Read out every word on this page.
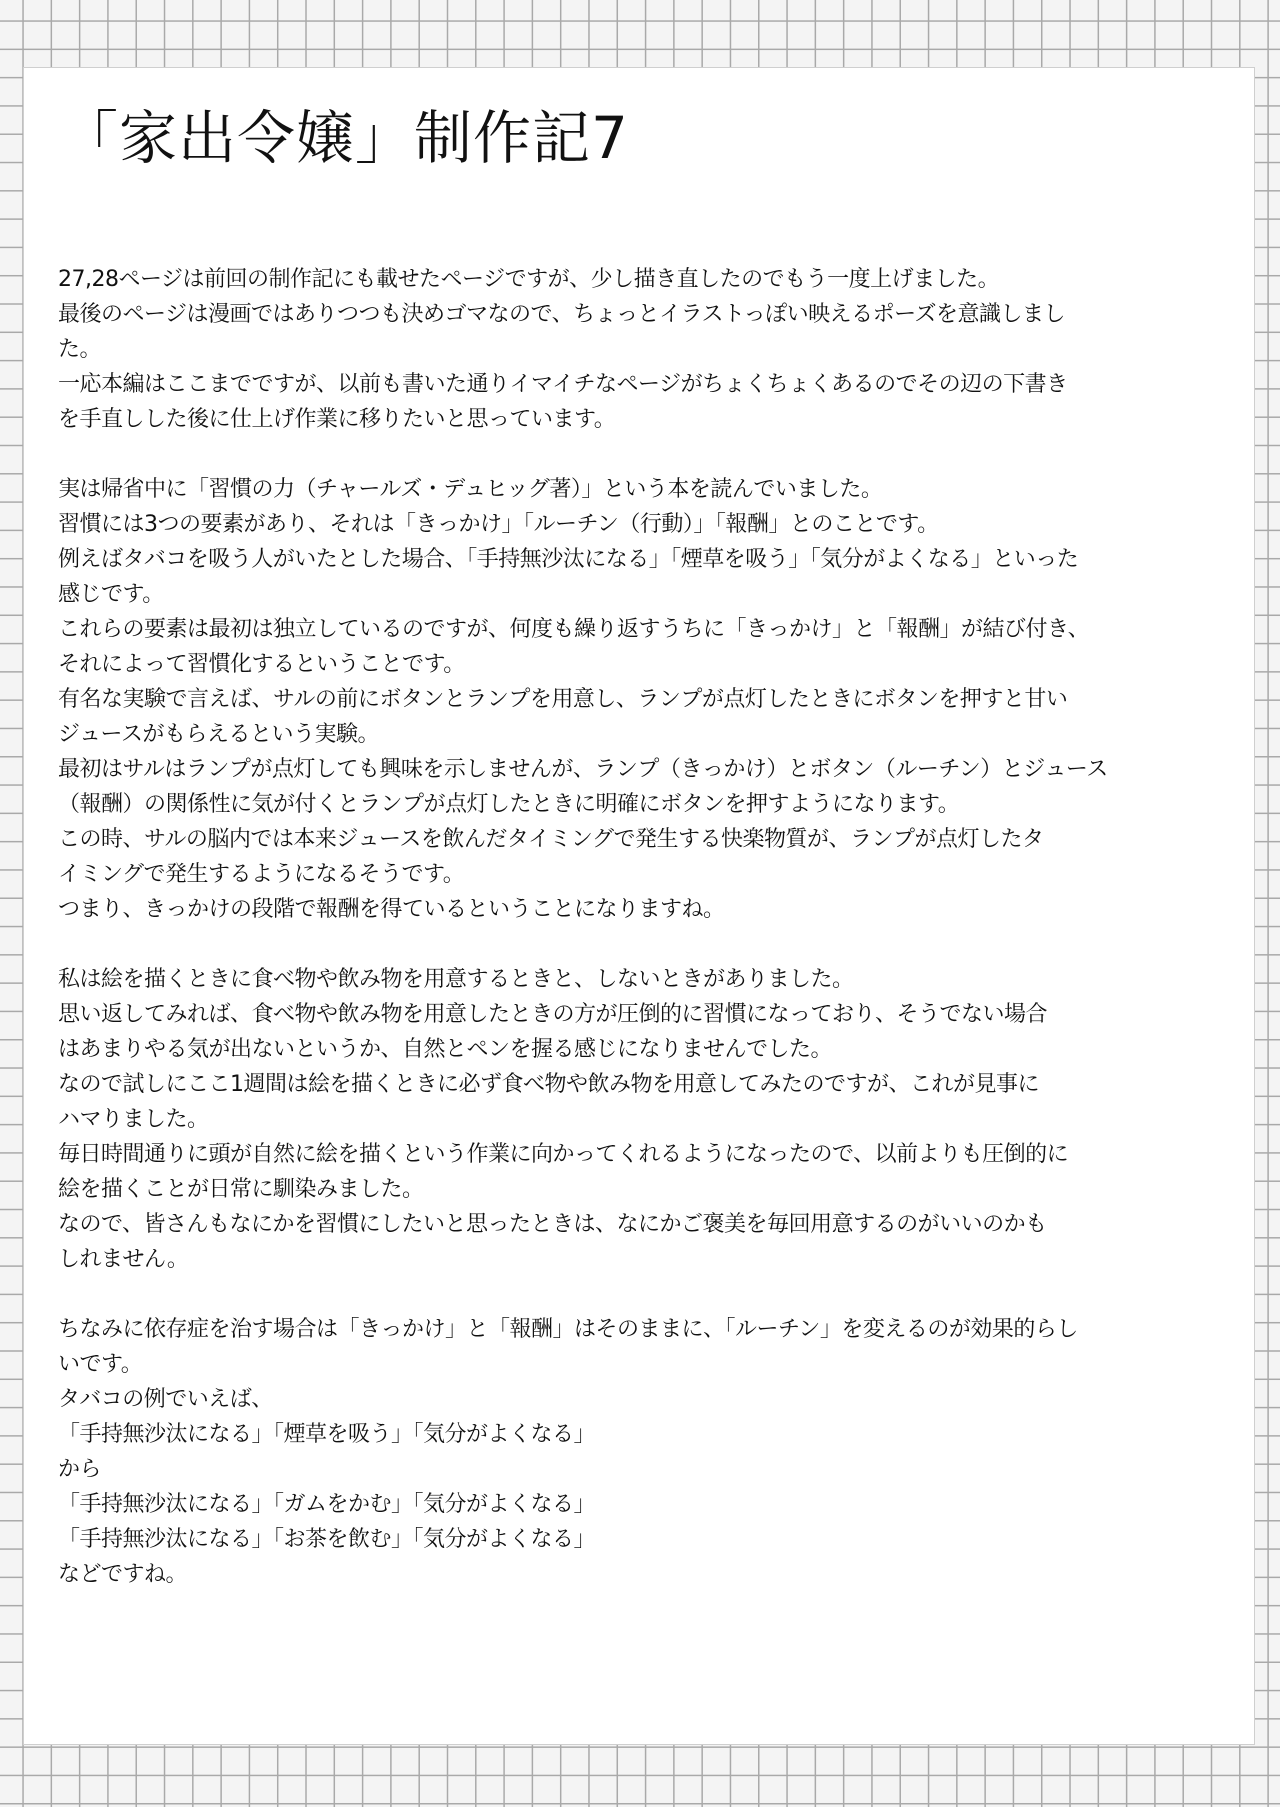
「家出令嬢」制作記7
27,28ページは前回の制作記にも載せたページですが、少し描き直したのでもう一度上げました。
最後のページは漫画ではありつつも決めゴマなので、ちょっとイラストっぽい映えるポーズを意識しまし
た。
一応本編はここまでですが、以前も書いた通りイマイチなページがちょくちょくあるのでその辺の下書き
を手直しした後に仕上げ作業に移りたいと思っています。
実は帰省中に「習慣の力（チャールズ・デュヒッグ著）」という本を読んでいました。
習慣には3つの要素があり、それは「きっかけ」「ルーチン（行動）」「報酬」とのことです。
例えばタバコを吸う人がいたとした場合、「手持無沙汰になる」「煙草を吸う」「気分がよくなる」といった
感じです。
これらの要素は最初は独立しているのですが、何度も繰り返すうちに「きっかけ」と「報酬」が結び付き、
それによって習慣化するということです。
有名な実験で言えば、サルの前にボタンとランプを用意し、ランプが点灯したときにボタンを押すと甘い
ジュースがもらえるという実験。
最初はサルはランプが点灯しても興味を示しませんが、ランプ（きっかけ）とボタン（ルーチン）とジュース
（報酬）の関係性に気が付くとランプが点灯したときに明確にボタンを押すようになります。
この時、サルの脳内では本来ジュースを飲んだタイミングで発生する快楽物質が、ランプが点灯したタ
イミングで発生するようになるそうです。
つまり、きっかけの段階で報酬を得ているということになりますね。
私は絵を描くときに食べ物や飲み物を用意するときと、しないときがありました。
思い返してみれば、食べ物や飲み物を用意したときの方が圧倒的に習慣になっており、そうでない場合
はあまりやる気が出ないというか、自然とペンを握る感じになりませんでした。
なので試しにここ1週間は絵を描くときに必ず食べ物や飲み物を用意してみたのですが、これが見事に
ハマりました。
毎日時間通りに頭が自然に絵を描くという作業に向かってくれるようになったので、以前よりも圧倒的に
絵を描くことが日常に馴染みました。
なので、皆さんもなにかを習慣にしたいと思ったときは、なにかご褒美を毎回用意するのがいいのかも
しれません。
ちなみに依存症を治す場合は「きっかけ」と「報酬」はそのままに、「ルーチン」を変えるのが効果的らし
いです。
タバコの例でいえば、
「手持無沙汰になる」「煙草を吸う」「気分がよくなる」
から
「手持無沙汰になる」「ガムをかむ」「気分がよくなる」
「手持無沙汰になる」「お茶を飲む」「気分がよくなる」
などですね。
